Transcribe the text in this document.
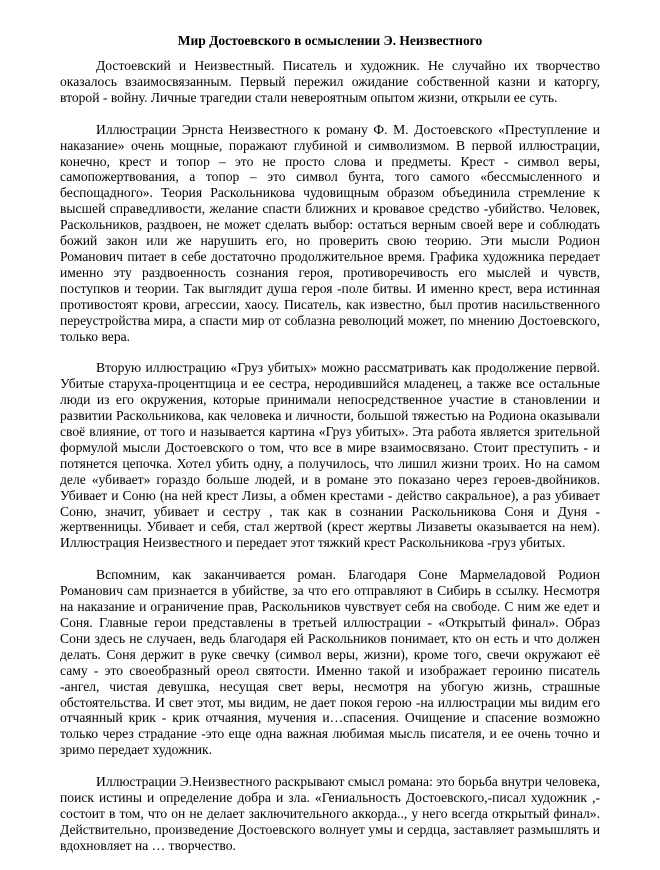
Мир Достоевского в осмыслении Э. Неизвестного

Достоевский и Неизвестный. Писатель и художник. Не случайно их творчество оказалось взаимосвязанным. Первый пережил ожидание собственной казни и каторгу, второй - войну. Личные трагедии стали невероятным опытом жизни, открыли ее суть.

Иллюстрации Эрнста Неизвестного к роману Ф. М. Достоевского «Преступление и наказание» очень мощные, поражают глубиной и символизмом. В первой иллюстрации, конечно, крест и топор – это не просто слова и предметы. Крест - символ веры, самопожертвования, а топор – это символ бунта, того самого «бессмысленного и беспощадного». Теория Раскольникова чудовищным образом объединила стремление к высшей справедливости, желание спасти ближних и кровавое средство -убийство. Человек, Раскольников, раздвоен, не может сделать выбор: остаться верным своей вере и соблюдать божий закон или же нарушить его, но проверить свою теорию. Эти мысли Родион Романович питает в себе достаточно продолжительное время. Графика художника передает именно эту раздвоенность сознания героя, противоречивость его мыслей и чувств, поступков и теории. Так выглядит душа героя -поле битвы. И именно крест, вера истинная противостоят крови, агрессии, хаосу. Писатель, как известно, был против насильственного переустройства мира, а спасти мир от соблазна революций может, по мнению Достоевского, только вера.

Вторую иллюстрацию «Груз убитых» можно рассматривать как продолжение первой. Убитые старуха-процентщица и ее сестра, неродившийся младенец, а также все остальные люди из его окружения, которые принимали непосредственное участие в становлении и развитии Раскольникова, как человека и личности, большой тяжестью на Родиона оказывали своё влияние, от того и называется картина «Груз убитых». Эта работа является зрительной формулой мысли Достоевского о том, что все в мире взаимосвязано. Стоит преступить - и потянется цепочка. Хотел убить одну, а получилось, что лишил жизни троих. Но на самом деле «убивает» гораздо больше людей, и в романе это показано через героев-двойников. Убивает и Соню (на ней крест Лизы, а обмен крестами - действо сакральное), а раз убивает Соню, значит, убивает и сестру , так как в сознании Раскольникова Соня и Дуня - жертвенницы. Убивает и себя, стал жертвой (крест жертвы Лизаветы оказывается на нем). Иллюстрация Неизвестного и передает этот тяжкий крест Раскольникова -груз убитых.

Вспомним, как заканчивается роман. Благодаря Соне Мармеладовой Родион Романович сам признается в убийстве, за что его отправляют в Сибирь в ссылку. Несмотря на наказание и ограничение прав, Раскольников чувствует себя на свободе. С ним же едет и Соня. Главные герои представлены в третьей иллюстрации - «Открытый финал». Образ Сони здесь не случаен, ведь благодаря ей Раскольников понимает, кто он есть и что должен делать. Соня держит в руке свечку (символ веры, жизни), кроме того, свечи окружают её саму - это своеобразный ореол святости. Именно такой и изображает героиню писатель -ангел, чистая девушка, несущая свет веры, несмотря на убогую жизнь, страшные обстоятельства. И свет этот, мы видим, не дает покоя герою -на иллюстрации мы видим его отчаянный крик - крик отчаяния, мучения и…спасения. Очищение и спасение возможно только через страдание -это еще одна важная любимая мысль писателя, и ее очень точно и зримо передает художник.

Иллюстрации Э.Неизвестного раскрывают смысл романа: это борьба внутри человека, поиск истины и определение добра и зла. «Гениальность Достоевского,-писал художник ,-состоит в том, что он не делает заключительного аккорда.., у него всегда открытый финал». Действительно, произведение Достоевского волнует умы и сердца, заставляет размышлять и вдохновляет на … творчество.
